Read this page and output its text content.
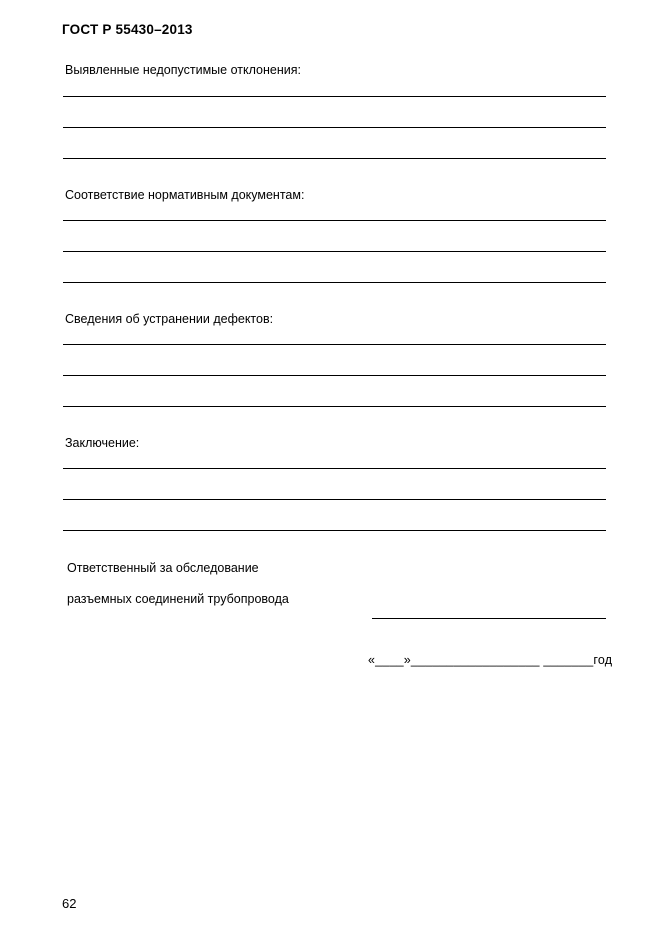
ГОСТ Р 55430–2013
Выявленные недопустимые отклонения:
Соответствие нормативным документам:
Сведения об устранении дефектов:
Заключение:
Ответственный за обследование
разъемных соединений трубопровода
«____»__________________ _______год
62
